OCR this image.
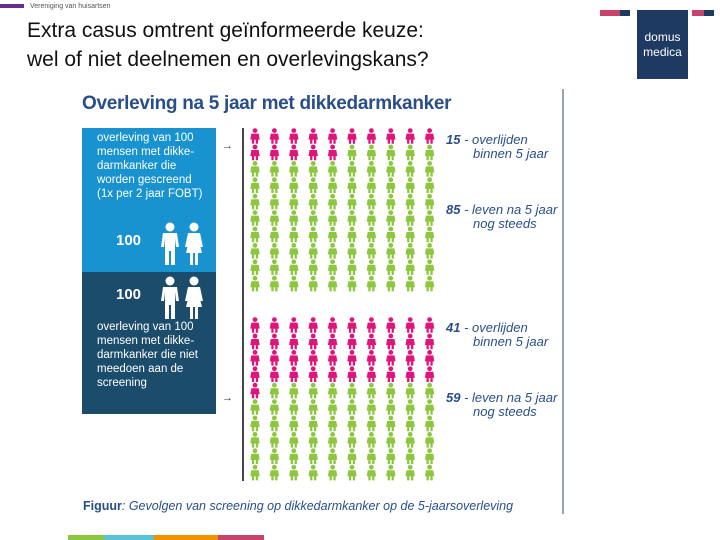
Vereniging van huisartsen
Extra casus omtrent geïnformeerde keuze:
wel of niet deelnemen en overlevingskans?
domus
medica
Overleving na 5 jaar met dikkedarmkanker
overleving van 100
mensen met dikke-
darmkanker die
worden gescreend
(1x per 2 jaar FOBT)
100
100
overleving van 100
mensen met dikke-
darmkanker die niet
meedoen aan de
screening
→
→
15 - overlijden
binnen 5 jaar
85 - leven na 5 jaar
nog steeds
41 - overlijden
binnen 5 jaar
59 - leven na 5 jaar
nog steeds
Figuur: Gevolgen van screening op dikkedarmkanker op de 5-jaarsoverleving
